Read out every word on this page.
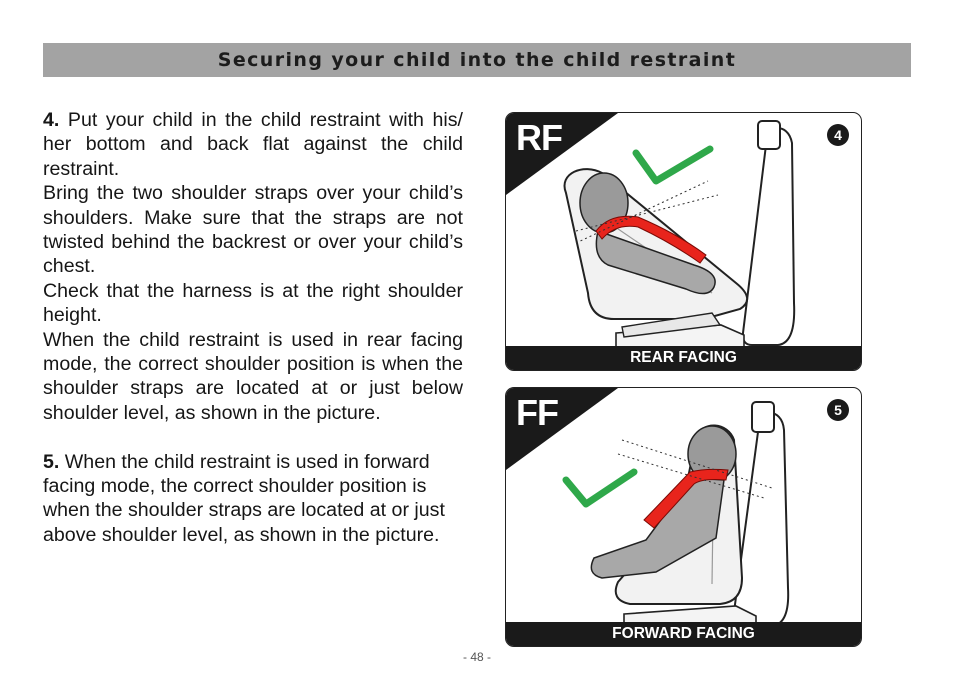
Securing your child into the child restraint

4. Put your child in the child restraint with his/ her bottom and back flat against the child restraint.

Bring the two shoulder straps over your child’s shoulders. Make sure that the straps are not twisted behind the backrest or over your child’s chest.

Check that the harness is at the right shoulder height.

When the child restraint is used in rear facing mode, the correct shoulder position is when the shoulder straps are located at or just below shoulder level, as shown in the picture.

5. When the child restraint is used in forward facing mode, the correct shoulder position is when the shoulder straps are located at or just above shoulder level, as shown in the picture.

RF	4
REAR FACING
FF	5
FORWARD FACING
- 48 -
